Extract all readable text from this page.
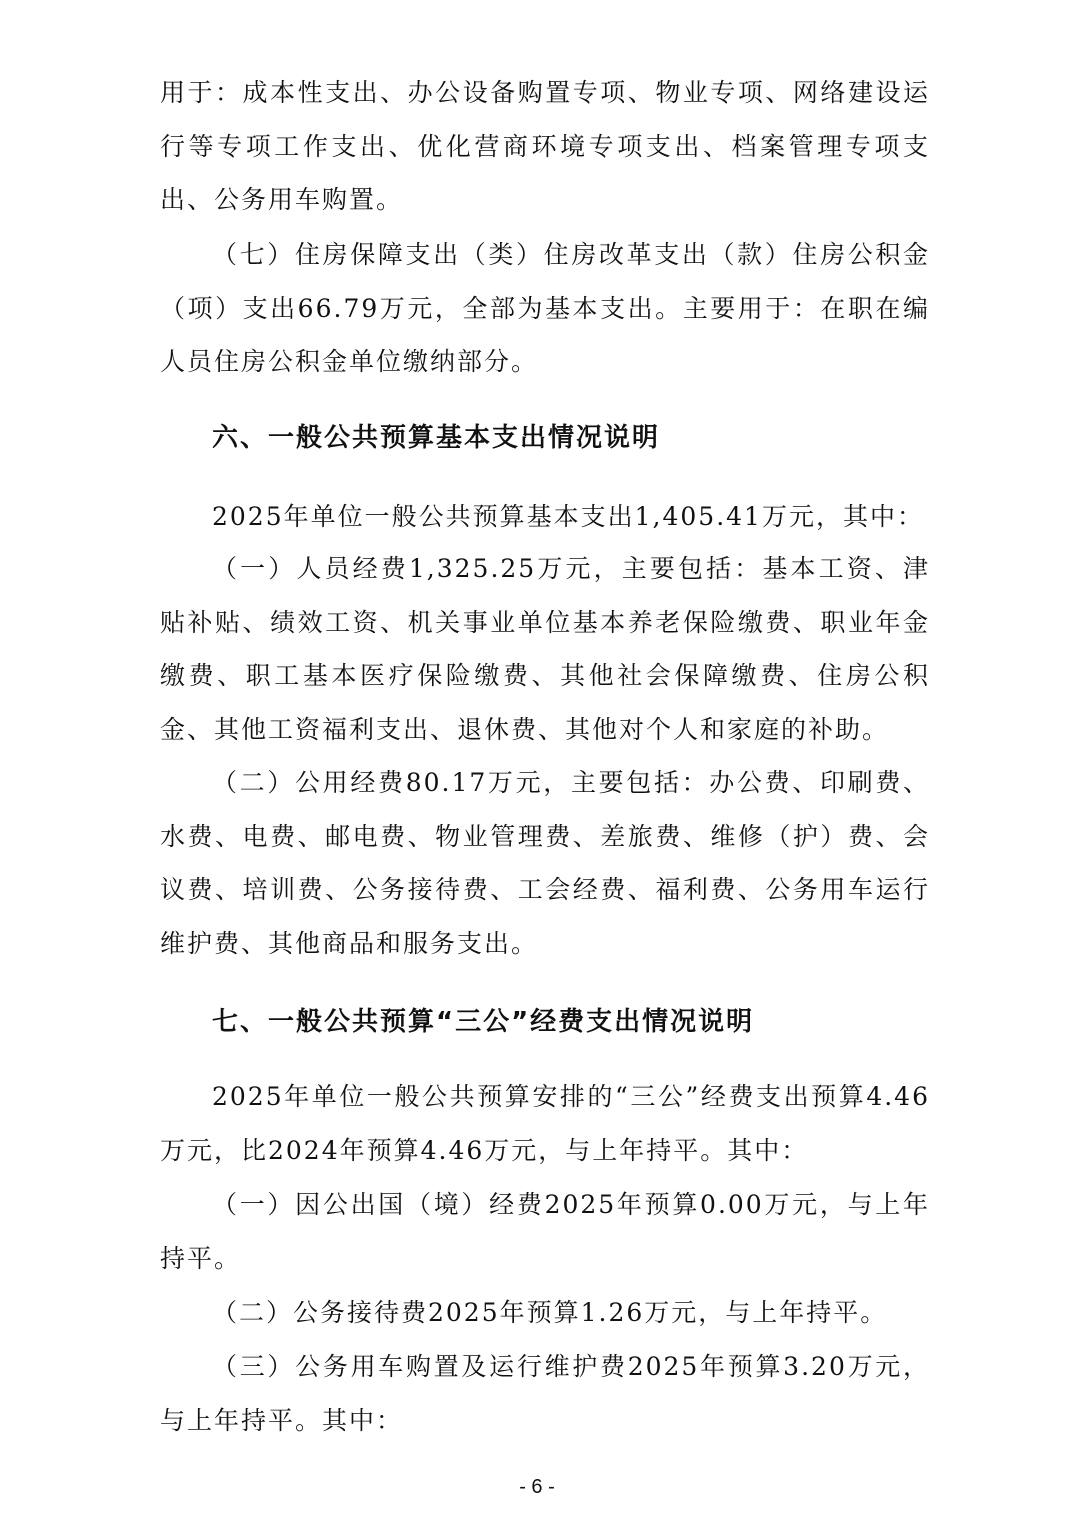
用于：成本性支出、办公设备购置专项、物业专项、网络建设运行等专项工作支出、优化营商环境专项支出、档案管理专项支出、公务用车购置。

（七）住房保障支出（类）住房改革支出（款）住房公积金（项）支出66.79万元，全部为基本支出。主要用于：在职在编人员住房公积金单位缴纳部分。

六、一般公共预算基本支出情况说明

2025年单位一般公共预算基本支出1,405.41万元，其中：

（一）人员经费1,325.25万元，主要包括：基本工资、津贴补贴、绩效工资、机关事业单位基本养老保险缴费、职业年金缴费、职工基本医疗保险缴费、其他社会保障缴费、住房公积金、其他工资福利支出、退休费、其他对个人和家庭的补助。

（二）公用经费80.17万元，主要包括：办公费、印刷费、水费、电费、邮电费、物业管理费、差旅费、维修（护）费、会议费、培训费、公务接待费、工会经费、福利费、公务用车运行维护费、其他商品和服务支出。

七、一般公共预算“三公”经费支出情况说明

2025年单位一般公共预算安排的“三公”经费支出预算4.46万元，比2024年预算4.46万元，与上年持平。其中：

（一）因公出国（境）经费2025年预算0.00万元，与上年持平。

（二）公务接待费2025年预算1.26万元，与上年持平。

（三）公务用车购置及运行维护费2025年预算3.20万元，与上年持平。其中：

- 6 -
